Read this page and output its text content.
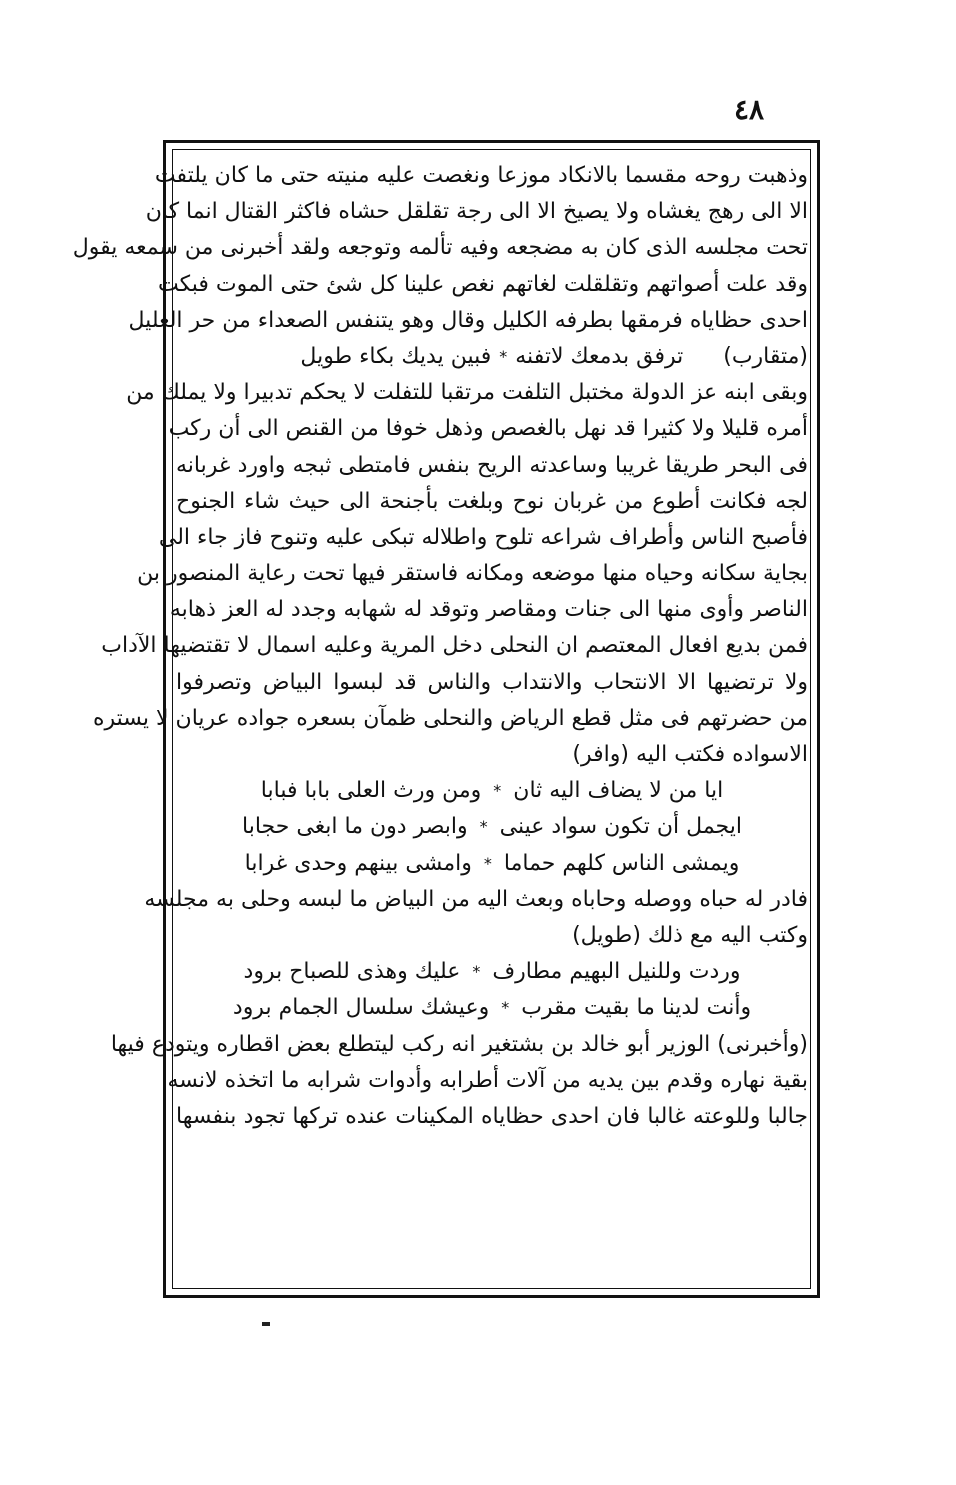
٤٨
وذهبت روحه مقسما بالانكاد موزعا ونغصت عليه منيته حتى ما كان يلتفت
الا الى رهج يغشاه ولا يصيخ الا الى رجة تقلقل حشاه فاكثر القتال انما كان
تحت مجلسه الذى كان به مضجعه وفيه تألمه وتوجعه ولقد أخبرنى من سمعه يقول
وقد علت أصواتهم وتقلقلت لغاتهم نغص علينا كل شئ حتى الموت فبكت
احدى حظاياه فرمقها بطرفه الكليل وقال وهو يتنفس الصعداء من حر الغليل
(متقارب)
ترفق بدمعك لاتفنه
*
فبين يديك بكاء طويل
وبقى ابنه عز الدولة مختبل التلفت مرتقبا للتفلت لا يحكم تدبيرا ولا يملك من
أمره قليلا ولا كثيرا قد نهل بالغصص وذهل خوفا من القنص الى أن ركب
فى البحر طريقا غريبا وساعدته الريح بنفس فامتطى ثبجه واورد غربانه
لجه فكانت أطوع من غربان نوح وبلغت بأجنحة الى حيث شاء الجنوح
فأصبح الناس وأطراف شراعه تلوح واطلاله تبكى عليه وتنوح فاز جاء الى
بجاية سكانه وحياه منها موضعه ومكانه فاستقر فيها تحت رعاية المنصور بن
الناصر وأوى منها الى جنات ومقاصر وتوقد له شهابه وجدد له العز ذهابه
فمن بديع افعال المعتصم ان النحلى دخل المرية وعليه اسمال لا تقتضيها الآداب
ولا ترتضيها الا الانتحاب والانتداب والناس قد لبسوا البياض وتصرفوا
من حضرتهم فى مثل قطع الرياض والنحلى ظمآن بسعره جواده عريان لا يستره
الاسواده فكتب اليه (وافر)
ايا من لا يضاف اليه ثان
*
ومن ورث العلى بابا فبابا
ايجمل أن تكون سواد عينى
*
وابصر دون ما ابغى حجابا
ويمشى الناس كلهم حماما
*
وامشى بينهم وحدى غرابا
فادر له حباه ووصله وحاباه وبعث اليه من البياض ما لبسه وحلى به مجلسه
وكتب اليه مع ذلك (طويل)
وردت وللنيل البهيم مطارف
*
عليك وهذى للصباح برود
وأنت لدينا ما بقيت مقرب
*
وعيشك سلسال الجمام برود
(وأخبرنى) الوزير أبو خالد بن بشتغير انه ركب ليتطلع بعض اقطاره ويتودع فيها
بقية نهاره وقدم بين يديه من آلات أطرابه وأدوات شرابه ما اتخذه لانسه
جالبا وللوعته غالبا فان احدى حظاياه المكينات عنده تركها تجود بنفسها
